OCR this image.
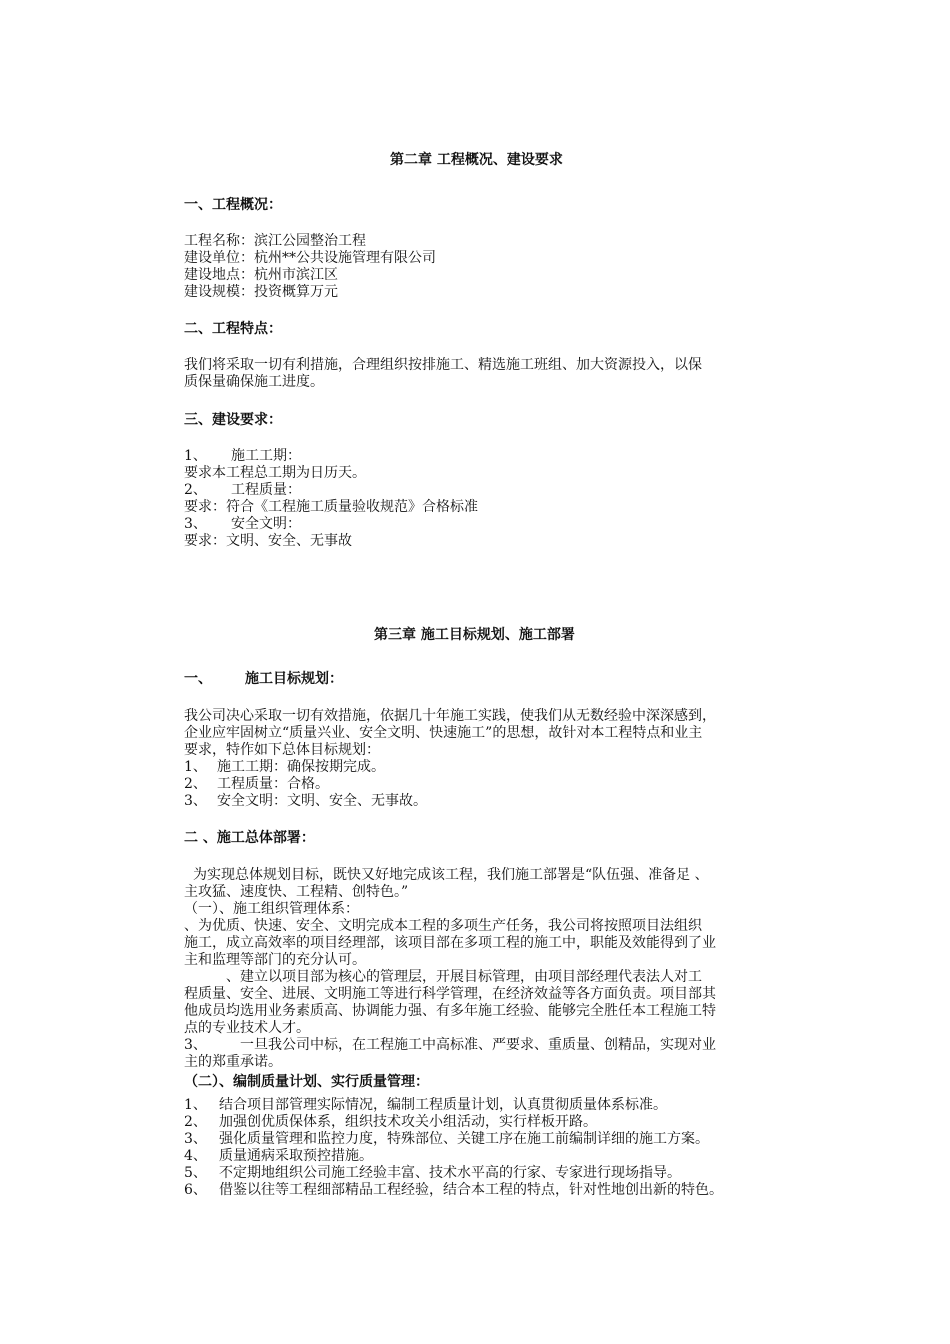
第二章 工程概况、建设要求
一、工程概况：
工程名称：滨江公园整治工程
建设单位：杭州**公共设施管理有限公司
建设地点：杭州市滨江区
建设规模：投资概算万元
二、工程特点：
我们将采取一切有利措施，合理组织按排施工、精选施工班组、加大资源投入，以保
质保量确保施工进度。
三、建设要求：
1、 施工工期：
要求本工程总工期为日历天。
2、 工程质量：
要求：符合《工程施工质量验收规范》合格标准
3、 安全文明：
要求：文明、安全、无事故
第三章 施工目标规划、施工部署
一、 施工目标规划：
我公司决心采取一切有效措施，依据几十年施工实践，使我们从无数经验中深深感到，
企业应牢固树立“质量兴业、安全文明、快速施工”的思想，故针对本工程特点和业主
要求，特作如下总体目标规划：
1、 施工工期：确保按期完成。
2、 工程质量：合格。
3、 安全文明：文明、安全、无事故。
二 、施工总体部署：
为实现总体规划目标，既快又好地完成该工程，我们施工部署是“队伍强、准备足 、
主攻猛、速度快、工程精、创特色。”
（一）、施工组织管理体系：
、为优质、快速、安全、文明完成本工程的多项生产任务，我公司将按照项目法组织
施工，成立高效率的项目经理部，该项目部在多项工程的施工中，职能及效能得到了业
主和监理等部门的充分认可。
、建立以项目部为核心的管理层，开展目标管理，由项目部经理代表法人对工
程质量、安全、进展、文明施工等进行科学管理，在经济效益等各方面负责。项目部其
他成员均选用业务素质高、协调能力强、有多年施工经验、能够完全胜任本工程施工特
点的专业技术人才。
3、 一旦我公司中标，在工程施工中高标准、严要求、重质量、创精品，实现对业
主的郑重承诺。
（二）、编制质量计划、实行质量管理：
1、 结合项目部管理实际情况，编制工程质量计划，认真贯彻质量体系标准。
2、 加强创优质保体系，组织技术攻关小组活动，实行样板开路。
3、 强化质量管理和监控力度，特殊部位、关键工序在施工前编制详细的施工方案。
4、 质量通病采取预控措施。
5、 不定期地组织公司施工经验丰富、技术水平高的行家、专家进行现场指导。
6、 借鉴以往等工程细部精品工程经验，结合本工程的特点，针对性地创出新的特色。
